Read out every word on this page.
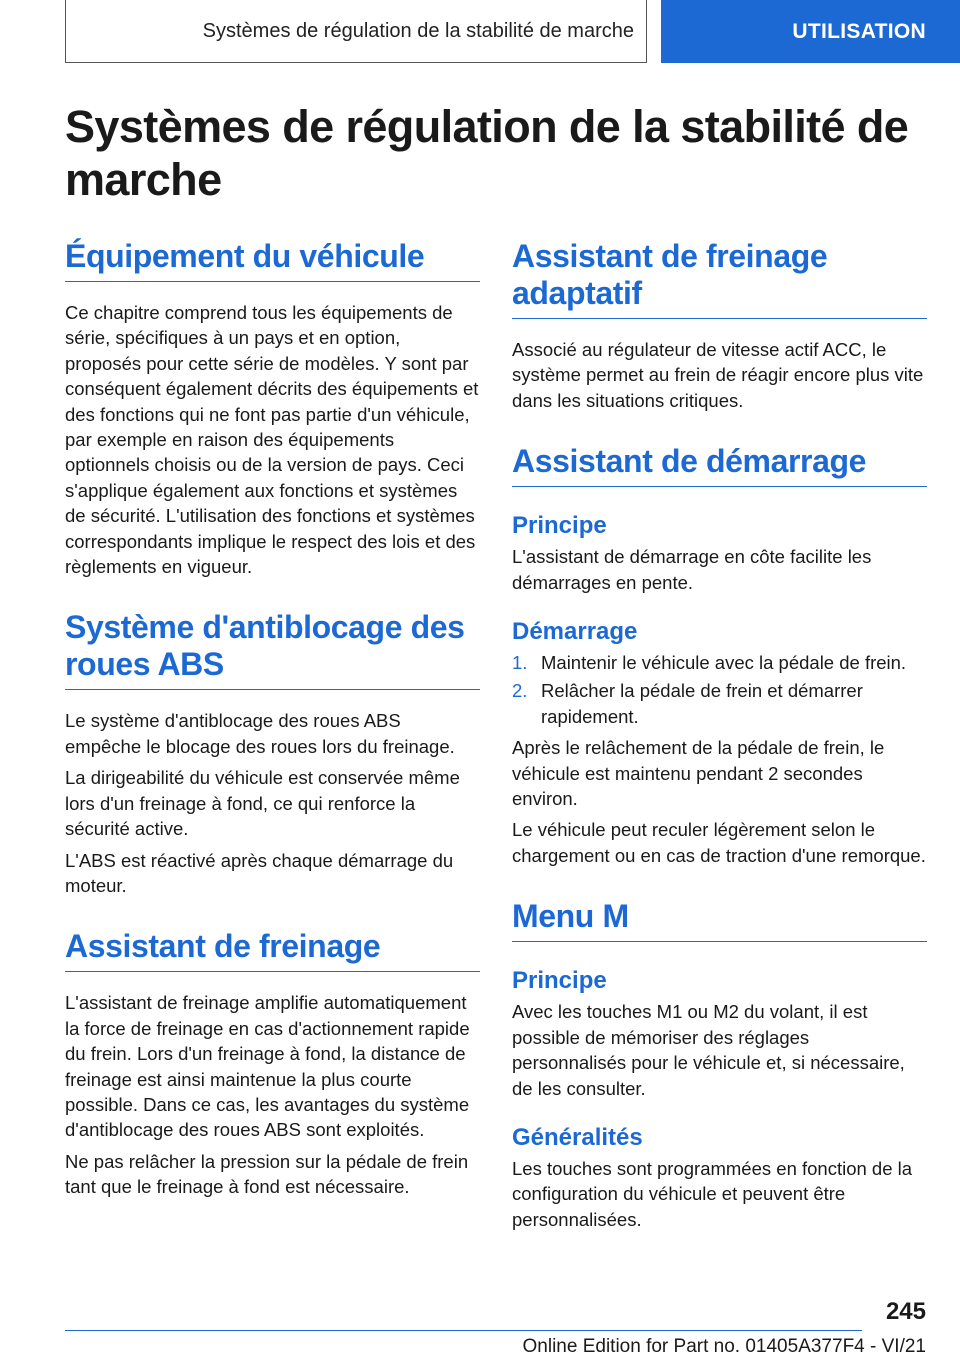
Systèmes de régulation de la stabilité de marche	UTILISATION
Systèmes de régulation de la stabilité de marche
Équipement du véhicule

Ce chapitre comprend tous les équipements de série, spécifiques à un pays et en option, proposés pour cette série de modèles. Y sont par conséquent également décrits des équipements et des fonctions qui ne font pas partie d'un véhicule, par exemple en raison des équipements optionnels choisis ou de la version de pays. Ceci s'applique également aux fonctions et systèmes de sécurité. L'utilisation des fonctions et systèmes correspondants implique le respect des lois et des règlements en vigueur.

Système d'antiblocage des roues ABS

Le système d'antiblocage des roues ABS empêche le blocage des roues lors du freinage.

La dirigeabilité du véhicule est conservée même lors d'un freinage à fond, ce qui renforce la sécurité active.

L'ABS est réactivé après chaque démarrage du moteur.

Assistant de freinage

L'assistant de freinage amplifie automatiquement la force de freinage en cas d'actionnement rapide du frein. Lors d'un freinage à fond, la distance de freinage est ainsi maintenue la plus courte possible. Dans ce cas, les avantages du système d'antiblocage des roues ABS sont exploités.

Ne pas relâcher la pression sur la pédale de frein tant que le freinage à fond est nécessaire.

Assistant de freinage adaptatif

Associé au régulateur de vitesse actif ACC, le système permet au frein de réagir encore plus vite dans les situations critiques.

Assistant de démarrage
Principe

L'assistant de démarrage en côte facilite les démarrages en pente.

Démarrage
1. Maintenir le véhicule avec la pédale de frein.
2. Relâcher la pédale de frein et démarrer rapidement.

Après le relâchement de la pédale de frein, le véhicule est maintenu pendant 2 secondes environ.

Le véhicule peut reculer légèrement selon le chargement ou en cas de traction d'une remorque.

Menu M
Principe

Avec les touches M1 ou M2 du volant, il est possible de mémoriser des réglages personnalisés pour le véhicule et, si nécessaire, de les consulter.

Généralités

Les touches sont programmées en fonction de la configuration du véhicule et peuvent être personnalisées.

245
Online Edition for Part no. 01405A377F4 - VI/21
